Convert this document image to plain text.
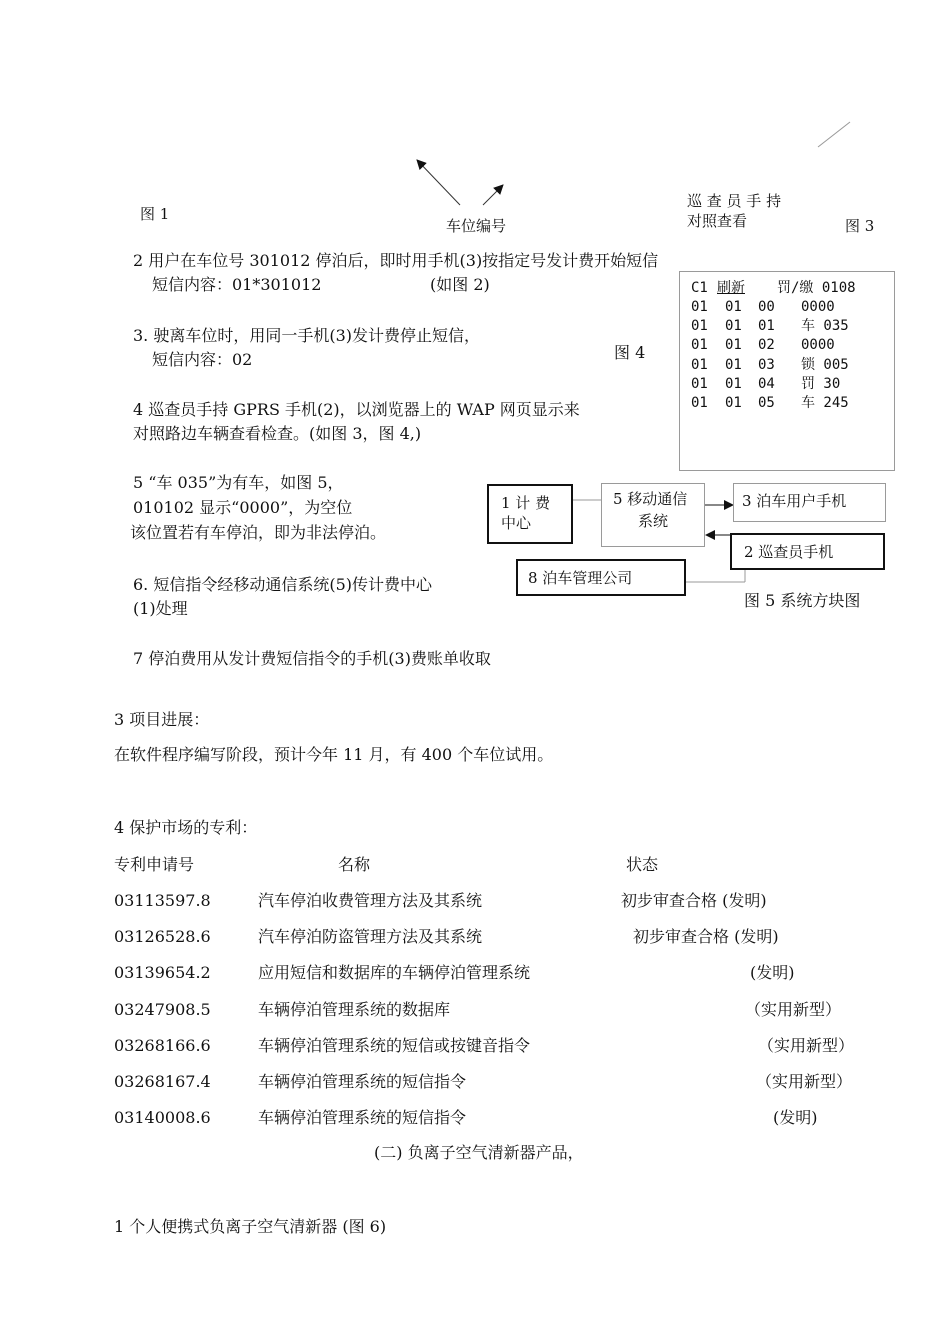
图 1
车位编号
巡 查 员 手 持
对照查看	图 3
2 用户在车位号 301012 停泊后，即时用手机(3)按指定号发计费开始短信
短信内容：01*301012	(如图 2)
3. 驶离车位时，用同一手机(3)发计费停止短信，
短信内容：02	图 4
C1 刷新 罚/缴 0108
01 01 00 0000
01 01 01 车 035
01 01 02 0000
01 01 03 锁 005
01 01 04 罚 30
01 01 05 车 245
4 巡查员手持 GPRS 手机(2)，以浏览器上的 WAP 网页显示来
对照路边车辆查看检查。(如图 3，图 4,)
5 “车 035”为有车，如图 5，
010102 显示“0000”，为空位
该位置若有车停泊，即为非法停泊。
1 计 费
中心
5 移动通信
系统
3 泊车用户手机
2 巡查员手机
8 泊车管理公司
图 5 系统方块图
6. 短信指令经移动通信系统(5)传计费中心
(1)处理
7 停泊费用从发计费短信指令的手机(3)费账单收取
3 项目进展：
在软件程序编写阶段，预计今年 11 月，有 400 个车位试用。
4 保护市场的专利：
专利申请号	名称	状态
03113597.8	汽车停泊收费管理方法及其系统	初步审查合格 (发明)
03126528.6	汽车停泊防盗管理方法及其系统	初步审查合格 (发明)
03139654.2	应用短信和数据库的车辆停泊管理系统	(发明)
03247908.5	车辆停泊管理系统的数据库	（实用新型）
03268166.6	车辆停泊管理系统的短信或按键音指令	（实用新型）
03268167.4	车辆停泊管理系统的短信指令	（实用新型）
03140008.6	车辆停泊管理系统的短信指令	(发明)
(二) 负离子空气清新器产品，
1 个人便携式负离子空气清新器 (图 6)
